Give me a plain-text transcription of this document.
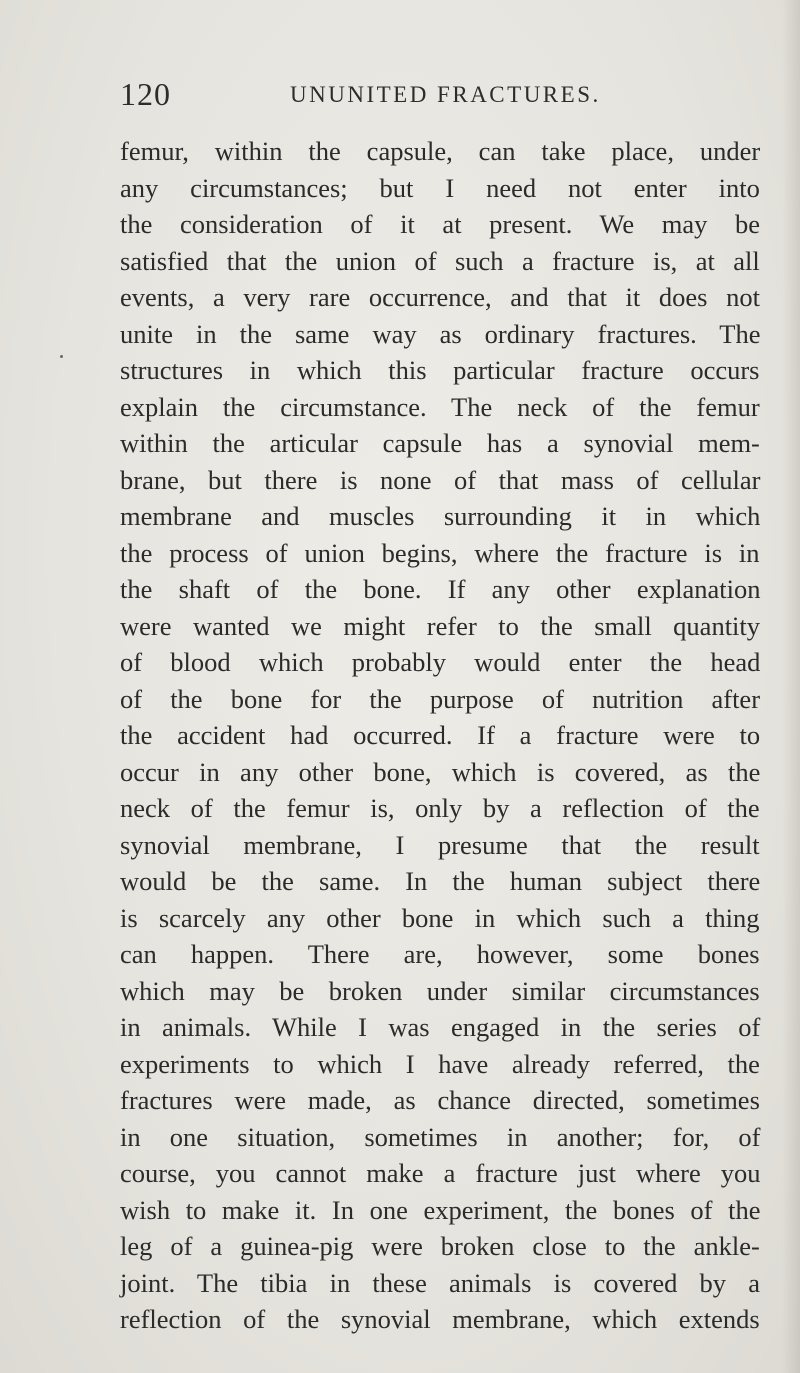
120	UNUNITED FRACTURES.
femur, within the capsule, can take place, under
any circumstances; but I need not enter into
the consideration of it at present. We may be
satisfied that the union of such a fracture is, at all
events, a very rare occurrence, and that it does not
unite in the same way as ordinary fractures. The
structures in which this particular fracture occurs
explain the circumstance. The neck of the femur
within the articular capsule has a synovial mem-
brane, but there is none of that mass of cellular
membrane and muscles surrounding it in which
the process of union begins, where the fracture is in
the shaft of the bone. If any other explanation
were wanted we might refer to the small quantity
of blood which probably would enter the head
of the bone for the purpose of nutrition after
the accident had occurred. If a fracture were to
occur in any other bone, which is covered, as the
neck of the femur is, only by a reflection of the
synovial membrane, I presume that the result
would be the same. In the human subject there
is scarcely any other bone in which such a thing
can happen. There are, however, some bones
which may be broken under similar circumstances
in animals. While I was engaged in the series of
experiments to which I have already referred, the
fractures were made, as chance directed, sometimes
in one situation, sometimes in another; for, of
course, you cannot make a fracture just where you
wish to make it. In one experiment, the bones of the
leg of a guinea-pig were broken close to the ankle-
joint. The tibia in these animals is covered by a
reflection of the synovial membrane, which extends
